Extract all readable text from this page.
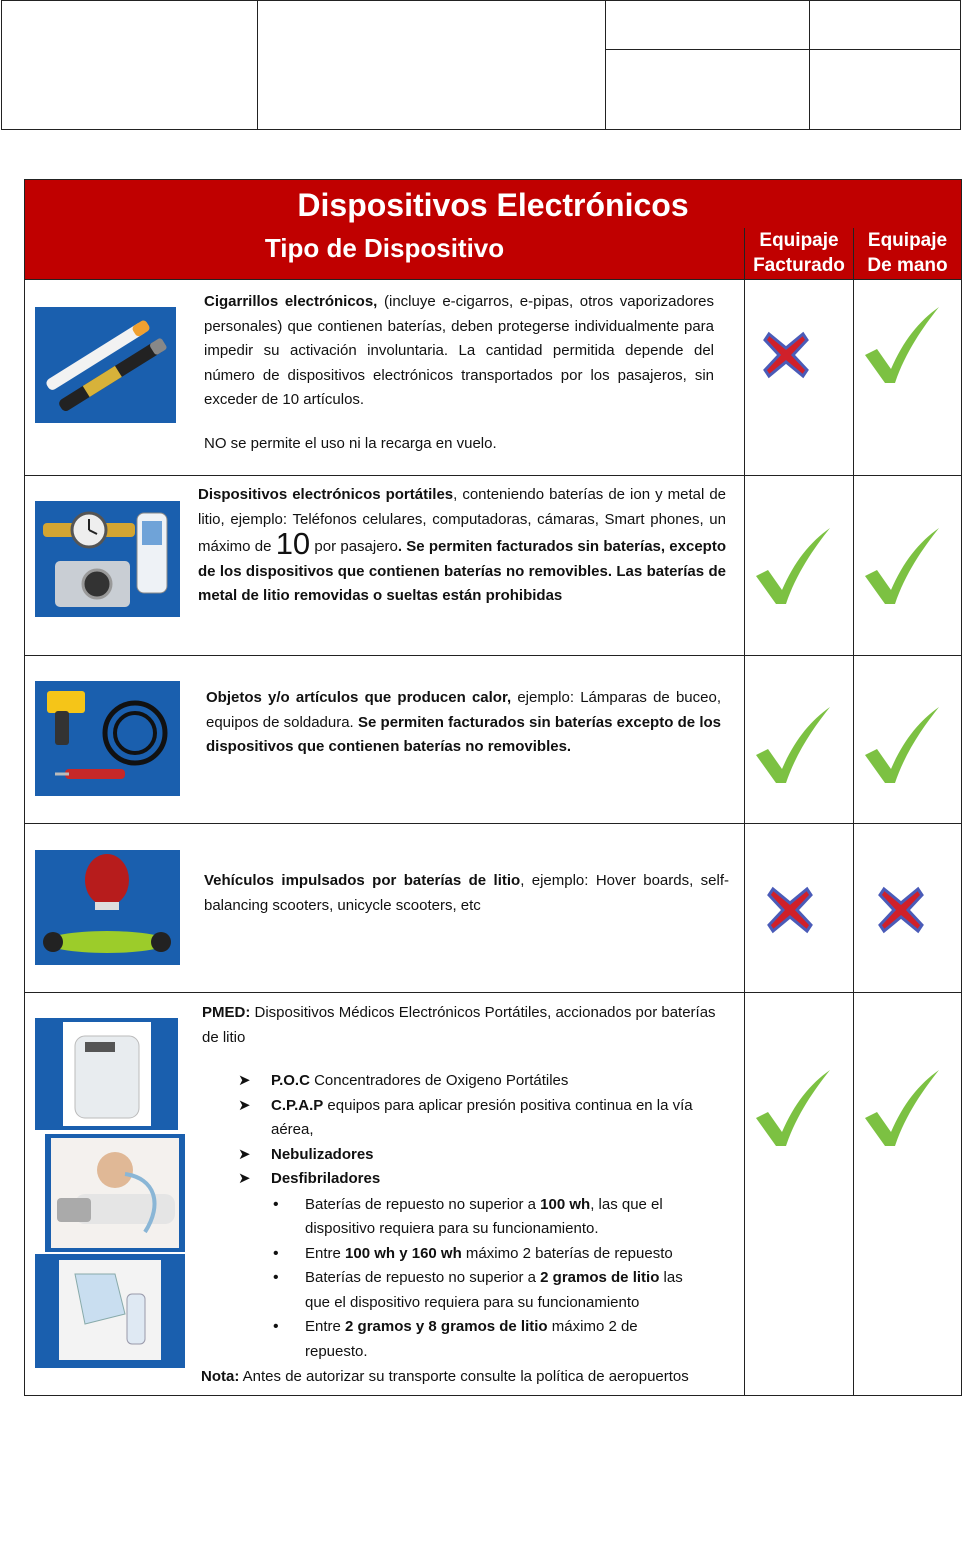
Dispositivos Electrónicos
Tipo de Dispositivo	Equipaje
Facturado
Equipaje
De mano
Cigarrillos electrónicos, (incluye e-cigarros, e-pipas, otros vaporizadores personales) que contienen baterías, deben protegerse individualmente para impedir su activación involuntaria. La cantidad permitida depende del número de dispositivos electrónicos transportados por los pasajeros, sin exceder de 10 artículos.
NO se permite el uso ni la recarga en vuelo.
Dispositivos electrónicos portátiles, conteniendo baterías de ion y metal de litio, ejemplo: Teléfonos celulares, computadoras, cámaras, Smart phones, un máximo de 10 por pasajero. Se permiten facturados sin baterías, excepto de los dispositivos que contienen baterías no removibles. Las baterías de metal de litio removidas o sueltas están prohibidas
Objetos y/o artículos que producen calor, ejemplo: Lámparas de buceo, equipos de soldadura. Se permiten facturados sin baterías excepto de los dispositivos que contienen baterías no removibles.
Vehículos impulsados por baterías de litio, ejemplo: Hover boards, self-balancing scooters, unicycle scooters, etc
PMED: Dispositivos Médicos Electrónicos Portátiles, accionados por baterías de litio
➤ P.O.C Concentradores de Oxigeno Portátiles
➤ C.P.A.P equipos para aplicar presión positiva continua en la vía aérea,
➤ Nebulizadores
➤ Desfibriladores
• Baterías de repuesto no superior a 100 wh, las que el dispositivo requiera para su funcionamiento.
• Entre 100 wh y 160 wh máximo 2 baterías de repuesto
• Baterías de repuesto no superior a 2 gramos de litio las que el dispositivo requiera para su funcionamiento
• Entre 2 gramos y 8 gramos de litio máximo 2 de repuesto.
Nota: Antes de autorizar su transporte consulte la política de aeropuertos
